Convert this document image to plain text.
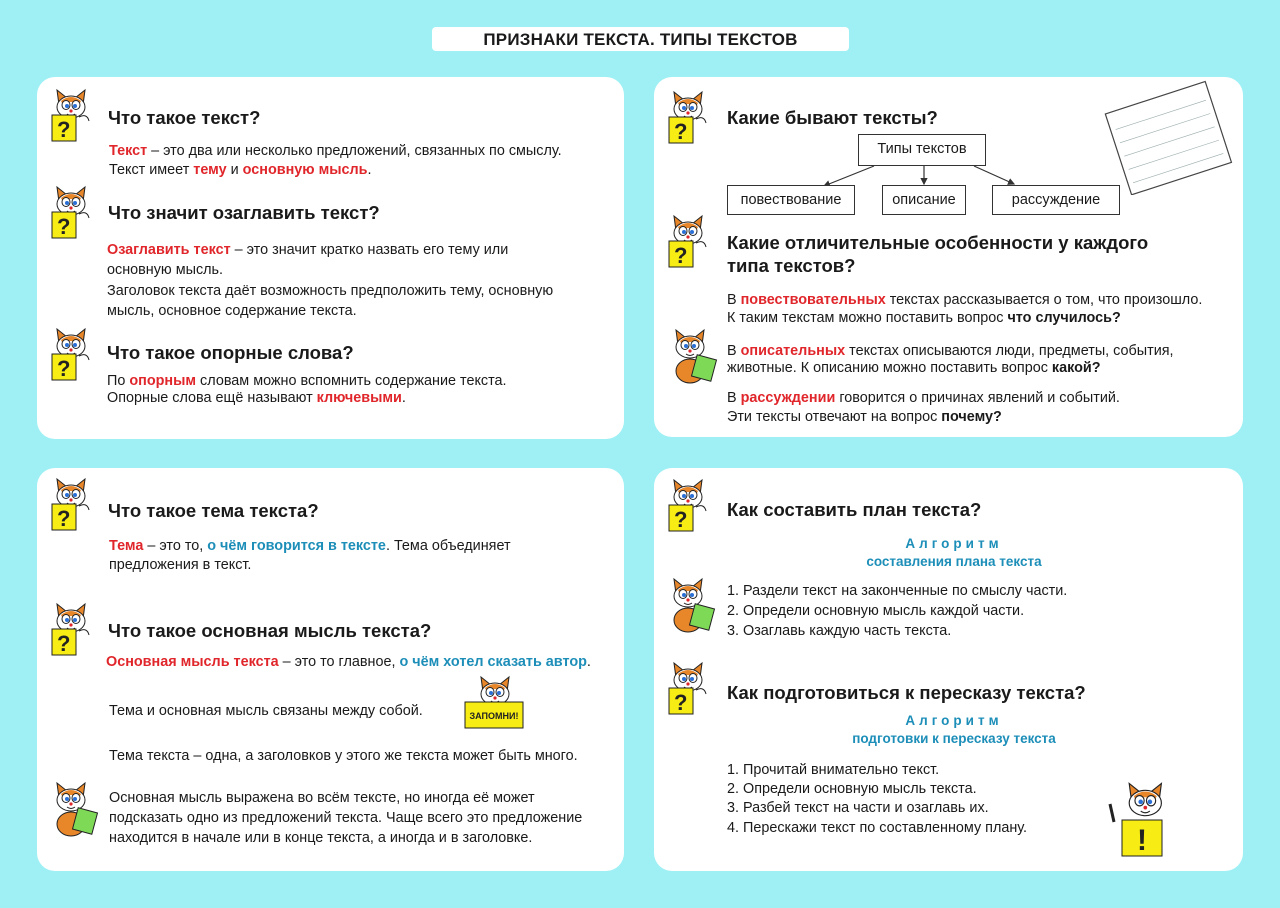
ПРИЗНАКИ ТЕКСТА. ТИПЫ ТЕКСТОВ
? Что такое текст?
Текст – это два или несколько предложений, связанных по смыслу.
Текст имеет тему и основную мысль.
?
Что значит озаглавить текст?
Озаглавить текст – это значит кратко назвать его тему или
основную мысль.
Заголовок текста даёт возможность предположить тему, основную
мысль, основное содержание текста.
?
Что такое опорные слова?
По опорным словам можно вспомнить содержание текста.
Опорные слова ещё называют ключевыми.
?
Какие бывают тексты?
Типы текстов
повествование	описание	рассуждение
?
Какие отличительные особенности у каждого
типа текстов?
В повествовательных текстах рассказывается о том, что произошло.
К таким текстам можно поставить вопрос что случилось?
В описательных текстах описываются люди, предметы, события,
животные. К описанию можно поставить вопрос какой?
В рассуждении говорится о причинах явлений и событий.
Эти тексты отвечают на вопрос почему?
? Что такое тема текста?
Тема – это то, о чём говорится в тексте. Тема объединяет
предложения в текст.
?
Что такое основная мысль текста?
Основная мысль текста – это то главное, о чём хотел сказать автор.
Тема и основная мысль связаны между собой.	ЗАПОМНИ!
Тема текста – одна, а заголовков у этого же текста может быть много.
Основная мысль выражена во всём тексте, но иногда её может
подсказать одно из предложений текста. Чаще всего это предложение
находится в начале или в конце текста, а иногда и в заголовке.
? Как составить план текста?
Алгоритм
составления плана текста
1. Раздели текст на законченные по смыслу части.
2. Определи основную мысль каждой части.
3. Озаглавь каждую часть текста.
? Как подготовиться к пересказу текста?
Алгоритм
подготовки к пересказу текста
1. Прочитай внимательно текст.
2. Определи основную мысль текста.
3. Разбей текст на части и озаглавь их.
4. Перескажи текст по составленному плану.	!
